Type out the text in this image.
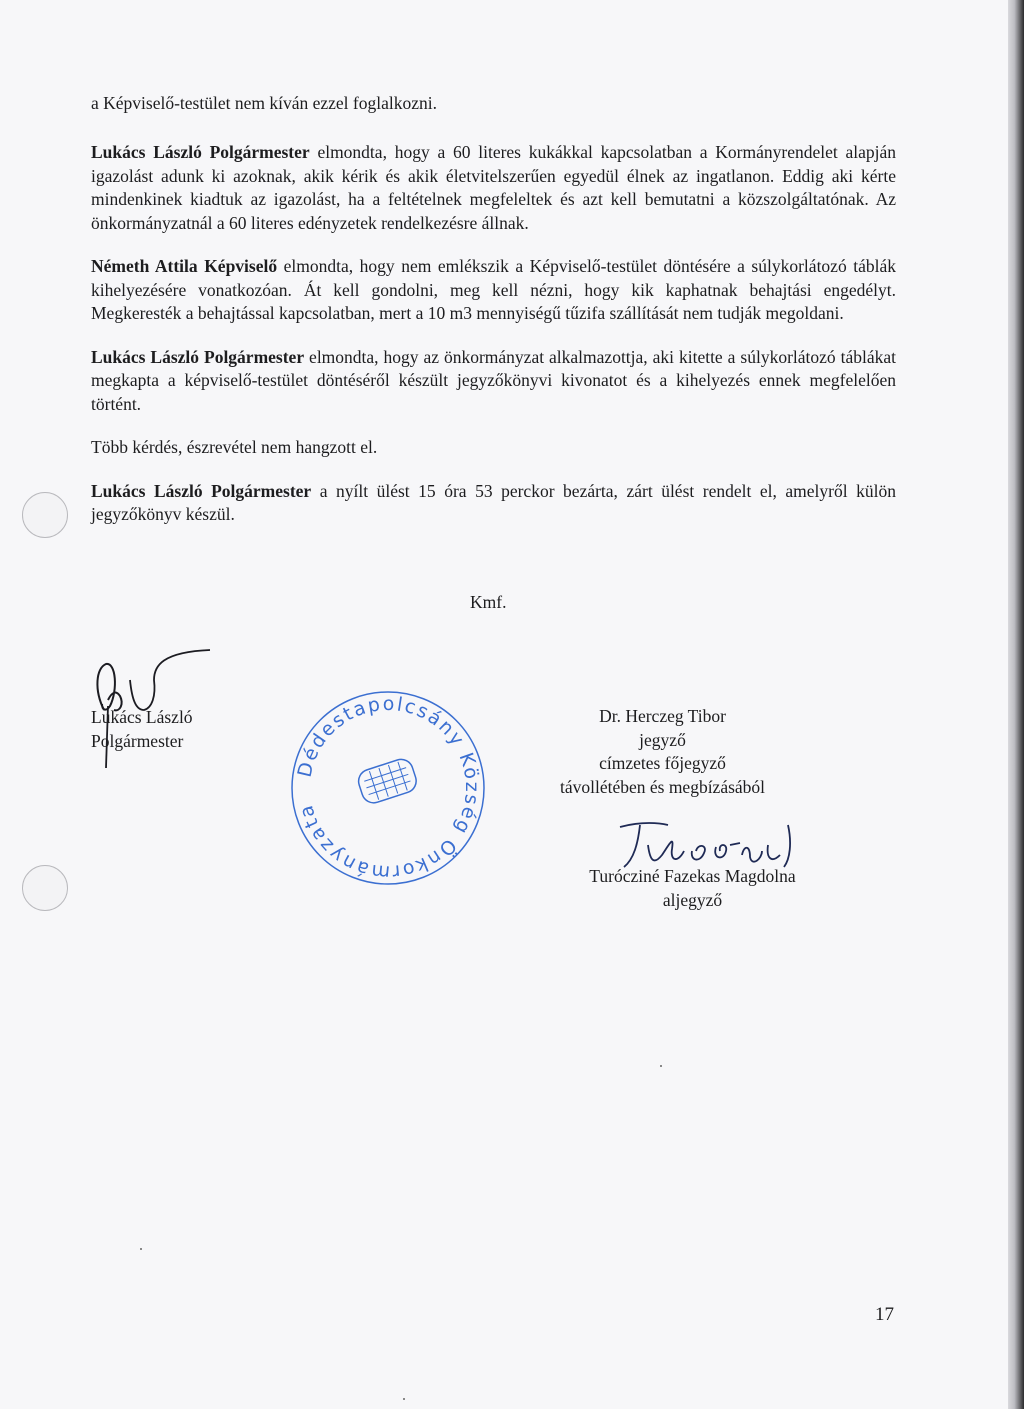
a Képviselő-testület nem kíván ezzel foglalkozni.

Lukács László Polgármester elmondta, hogy a 60 literes kukákkal kapcsolatban a Kormányrendelet alapján igazolást adunk ki azoknak, akik kérik és akik életvitelszerűen egyedül élnek az ingatlanon. Eddig aki kérte mindenkinek kiadtuk az igazolást, ha a feltételnek megfeleltek és azt kell bemutatni a közszolgáltatónak. Az önkormányzatnál a 60 literes edényzetek rendelkezésre állnak.

Németh Attila Képviselő elmondta, hogy nem emlékszik a Képviselő-testület döntésére a súlykorlátozó táblák kihelyezésére vonatkozóan. Át kell gondolni, meg kell nézni, hogy kik kaphatnak behajtási engedélyt. Megkeresték a behajtással kapcsolatban, mert a 10 m3 mennyiségű tűzifa szállítását nem tudják megoldani.

Lukács László Polgármester elmondta, hogy az önkormányzat alkalmazottja, aki kitette a súlykorlátozó táblákat megkapta a képviselő-testület döntéséről készült jegyzőkönyvi kivonatot és a kihelyezés ennek megfelelően történt.

Több kérdés, észrevétel nem hangzott el.

Lukács László Polgármester a nyílt ülést 15 óra 53 perckor bezárta, zárt ülést rendelt el, amelyről külön jegyzőkönyv készül.

Kmf.
Lukács László
Polgármester
Dédestapolcsány Község Önkormányzata
Dr. Herczeg Tibor
jegyző
címzetes főjegyző
távollétében és megbízásából
Turócziné Fazekas Magdolna
aljegyző
17
